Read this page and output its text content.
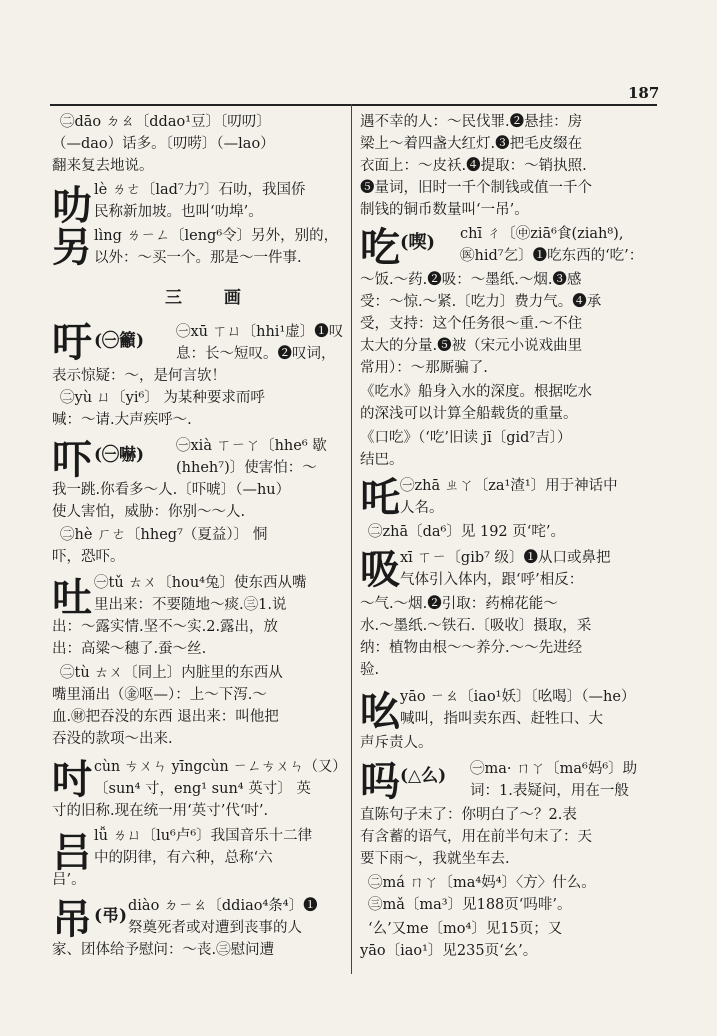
187
叻
另
三 画
吁 (㊀籲)
吓 (㊀嚇)
吐
吋
吕
吊 (弔)
㊁dāo ㄉㄠ〔ddao¹豆〕〔叨叨〕
（—dao）话多。〔叨唠〕（—lao）
翻来复去地说。
lè ㄌㄜ〔lad⁷力⁷〕石叻，我国侨
民称新加坡。也叫‘叻埠’。
lìng ㄌㄧㄥ〔leng⁶令〕另外，别的，
以外：～买一个。那是～一件事.
㊀xū ㄒㄩ〔hhi¹虚〕❶叹
息：长～短叹。❷叹词，
表示惊疑：～，是何言欤！
㊁yù ㄩ〔yi⁶〕 为某种要求而呼
喊：～请.大声疾呼～.
㊀xià ㄒㄧㄚ〔hhe⁶ 歇
(hheh⁷)〕使害怕：～
我一跳.你看多～人.〔吓唬〕（—hu）
使人害怕，威胁：你别～～人.
㊁hè ㄏㄜ〔hheg⁷（夏益）〕 恫
吓，恐吓。
㊀tǔ ㄊㄨ〔hou⁴兔〕使东西从嘴
里出来：不要随地～痰.㊂1.说
出：～露实情.坚不～实.2.露出，放
出：高粱～穗了.蚕～丝.
㊁tù ㄊㄨ〔同上〕内脏里的东西从
嘴里涌出（㊎呕—）：上～下泻.～
血.㊖把吞没的东西 退出来：叫他把
吞没的款项～出来.
cùn ㄘㄨㄣ yīngcùn ㄧㄥㄘㄨㄣ（又）
〔sun⁴ 寸，eng¹ sun⁴ 英寸〕 英
寸的旧称.现在统一用‘英寸’代‘吋’.
lǚ ㄌㄩ〔lu⁶卢⁶〕我国音乐十二律
中的阴律，有六种，总称‘六
吕’。
diào ㄉㄧㄠ〔ddiao⁴条⁴〕❶
祭奠死者或对遭到丧事的人
家、团体给予慰问：～丧.㊂慰问遭
吃 (喫)
吒
吸
吆
吗 (△么)
遇不幸的人：～民伐罪.❷悬挂：房
梁上～着四盏大红灯.❸把毛皮缀在
衣面上：～皮袄.❹提取：～销执照.
❺量词，旧时一千个制钱或值一千个
制钱的铜币数量叫‘一吊’。
chī ㄔ〔㊥ziā⁶食(ziah⁸),
㊩hid⁷乞〕❶吃东西的‘吃’：
～饭.～药.❷吸：～墨纸.～烟.❸感
受：～惊.～紧.〔吃力〕费力气。❹承
受，支持：这个任务很～重.～不住
太大的分量.❺被（宋元小说戏曲里
常用）：～那厮骗了.
《吃水》船身入水的深度。根据吃水
的深浅可以计算全船载货的重量。
《口吃》（‘吃’旧读 jī〔gid⁷吉〕）
结巴。
㊀zhā ㄓㄚ〔za¹渣¹〕用于神话中
人名。
㊁zhā〔da⁶〕见 192 页‘咤’。
xī ㄒㄧ〔gib⁷ 级〕❶从口或鼻把
气体引入体内，跟‘呼’相反：
～气.～烟.❷引取：药棉花能～
水.～墨纸.～铁石.〔吸收〕摄取，采
纳：植物由根～～养分.～～先进经
验.
yāo ㄧㄠ〔iao¹妖〕〔吆喝〕（—he）
喊叫，指叫卖东西、赶牲口、大
声斥责人。
㊀ma· ㄇㄚ〔ma⁶妈⁶〕助
词：1.表疑问，用在一般
直陈句子末了：你明白了～？2.表
有含蓄的语气，用在前半句末了：天
要下雨～，我就坐车去.
㊁má ㄇㄚ〔ma⁴妈⁴〕〈方〉什么。
㊂mǎ〔ma³〕见188页‘吗啡’。
‘么’又me〔mo⁴〕见15页；又
yāo〔iao¹〕见235页‘幺’。
